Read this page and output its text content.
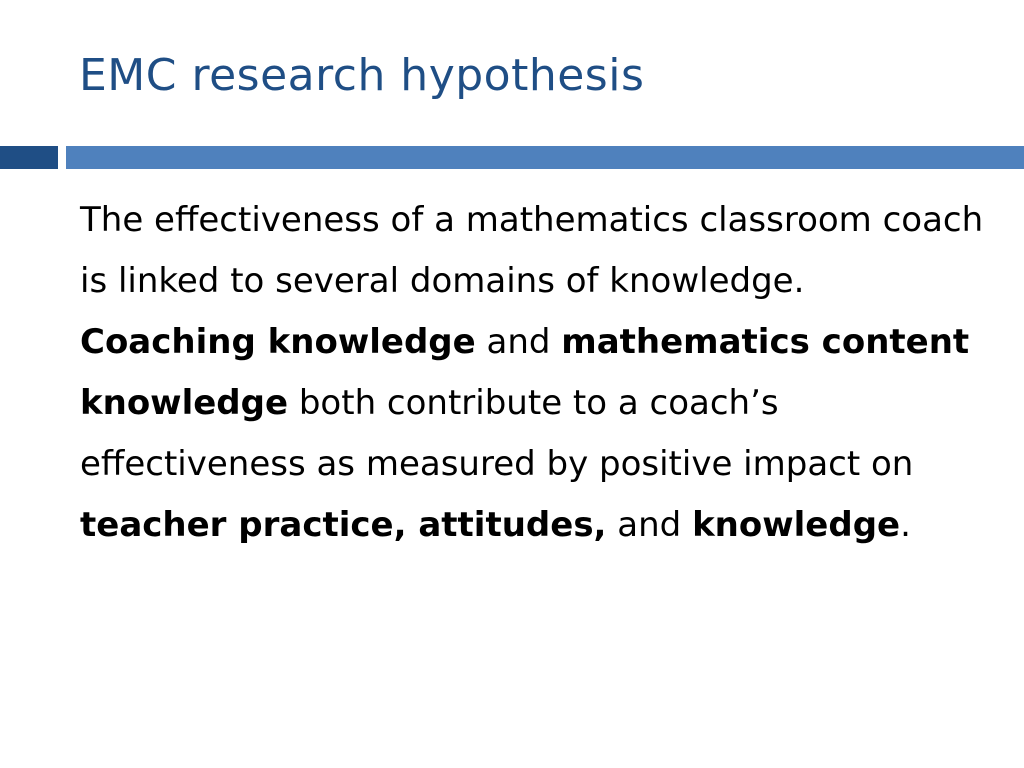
EMC research hypothesis

The effectiveness of a mathematics classroom coach is linked to several domains of knowledge. Coaching knowledge and mathematics content knowledge both contribute to a coach’s effectiveness as measured by positive impact on teacher practice, attitudes, and knowledge.
